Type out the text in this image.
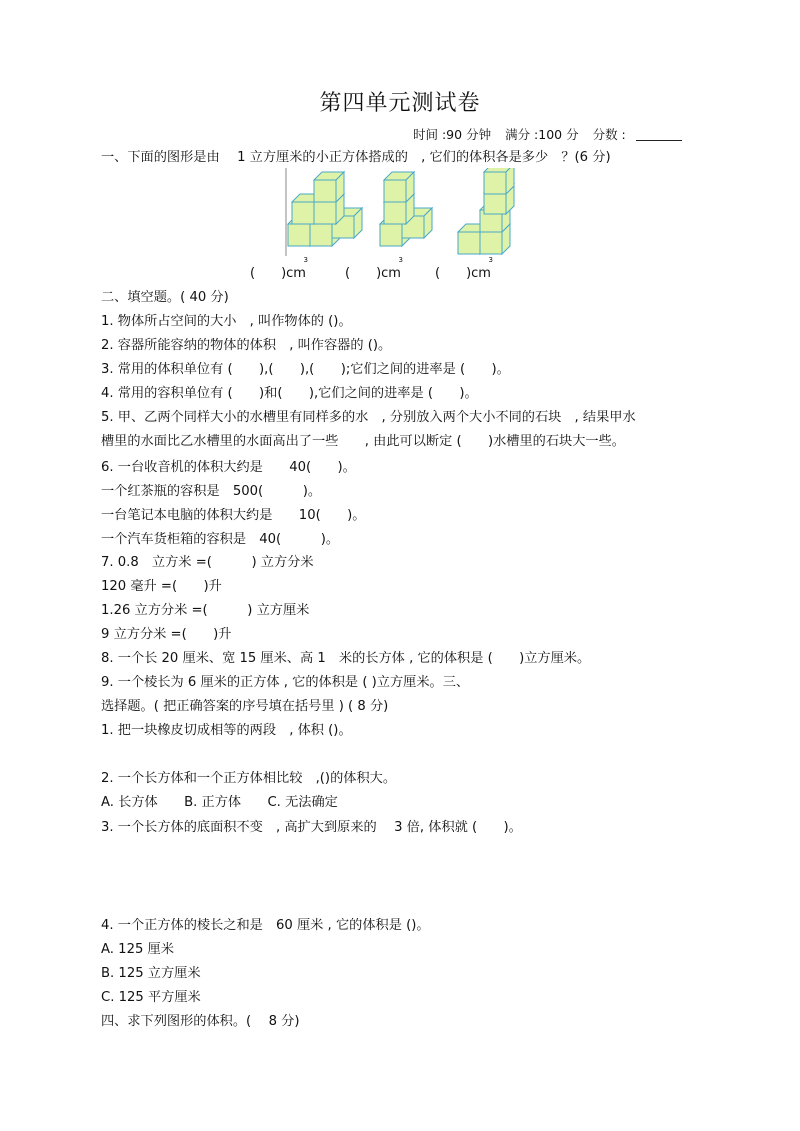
第四单元测试卷
时间 :90 分钟 满分 :100 分 分数 :
一、下面的图形是由　 1 立方厘米的小正方体搭成的　, 它们的体积各是多少　？(6 分)
(　　)cm
3
(　　)cm
3
(　　)cm
3
二、填空题。( 40 分)
1. 物体所占空间的大小　, 叫作物体的 ()。
2. 容器所能容纳的物体的体积　, 叫作容器的 ()。
3. 常用的体积单位有 (　　),(　　),(　　);它们之间的进率是 (　　)。
4. 常用的容积单位有 (　　)和(　　),它们之间的进率是 (　　)。
5. 甲、乙两个同样大小的水槽里有同样多的水　, 分别放入两个大小不同的石块　, 结果甲水
槽里的水面比乙水槽里的水面高出了一些　　, 由此可以断定 (　　)水槽里的石块大一些。
6. 一台收音机的体积大约是　　40(　　)。
一个红茶瓶的容积是　500(　　　)。
一台笔记本电脑的体积大约是　　10(　　)。
一个汽车货柜箱的容积是　40(　　　)。
7. 0.8　立方米 =(　　　) 立方分米
120 毫升 =(　　)升
1.26 立方分米 =(　　　) 立方厘米
9 立方分米 =(　　)升
8. 一个长 20 厘米、宽 15 厘米、高 1　米的长方体 , 它的体积是 (　　)立方厘米。
9. 一个棱长为 6 厘米的正方体 , 它的体积是 ( )立方厘米。三、
选择题。( 把正确答案的序号填在括号里 ) ( 8 分)
1. 把一块橡皮切成相等的两段　, 体积 ()。
2. 一个长方体和一个正方体相比较　,()的体积大。
A. 长方体　　B. 正方体　　C. 无法确定
3. 一个长方体的底面积不变　, 高扩大到原来的　 3 倍, 体积就 (　　)。
4. 一个正方体的棱长之和是　60 厘米 , 它的体积是 ()。
A. 125 厘米
B. 125 立方厘米
C. 125 平方厘米
四、求下列图形的体积。(　 8 分)
